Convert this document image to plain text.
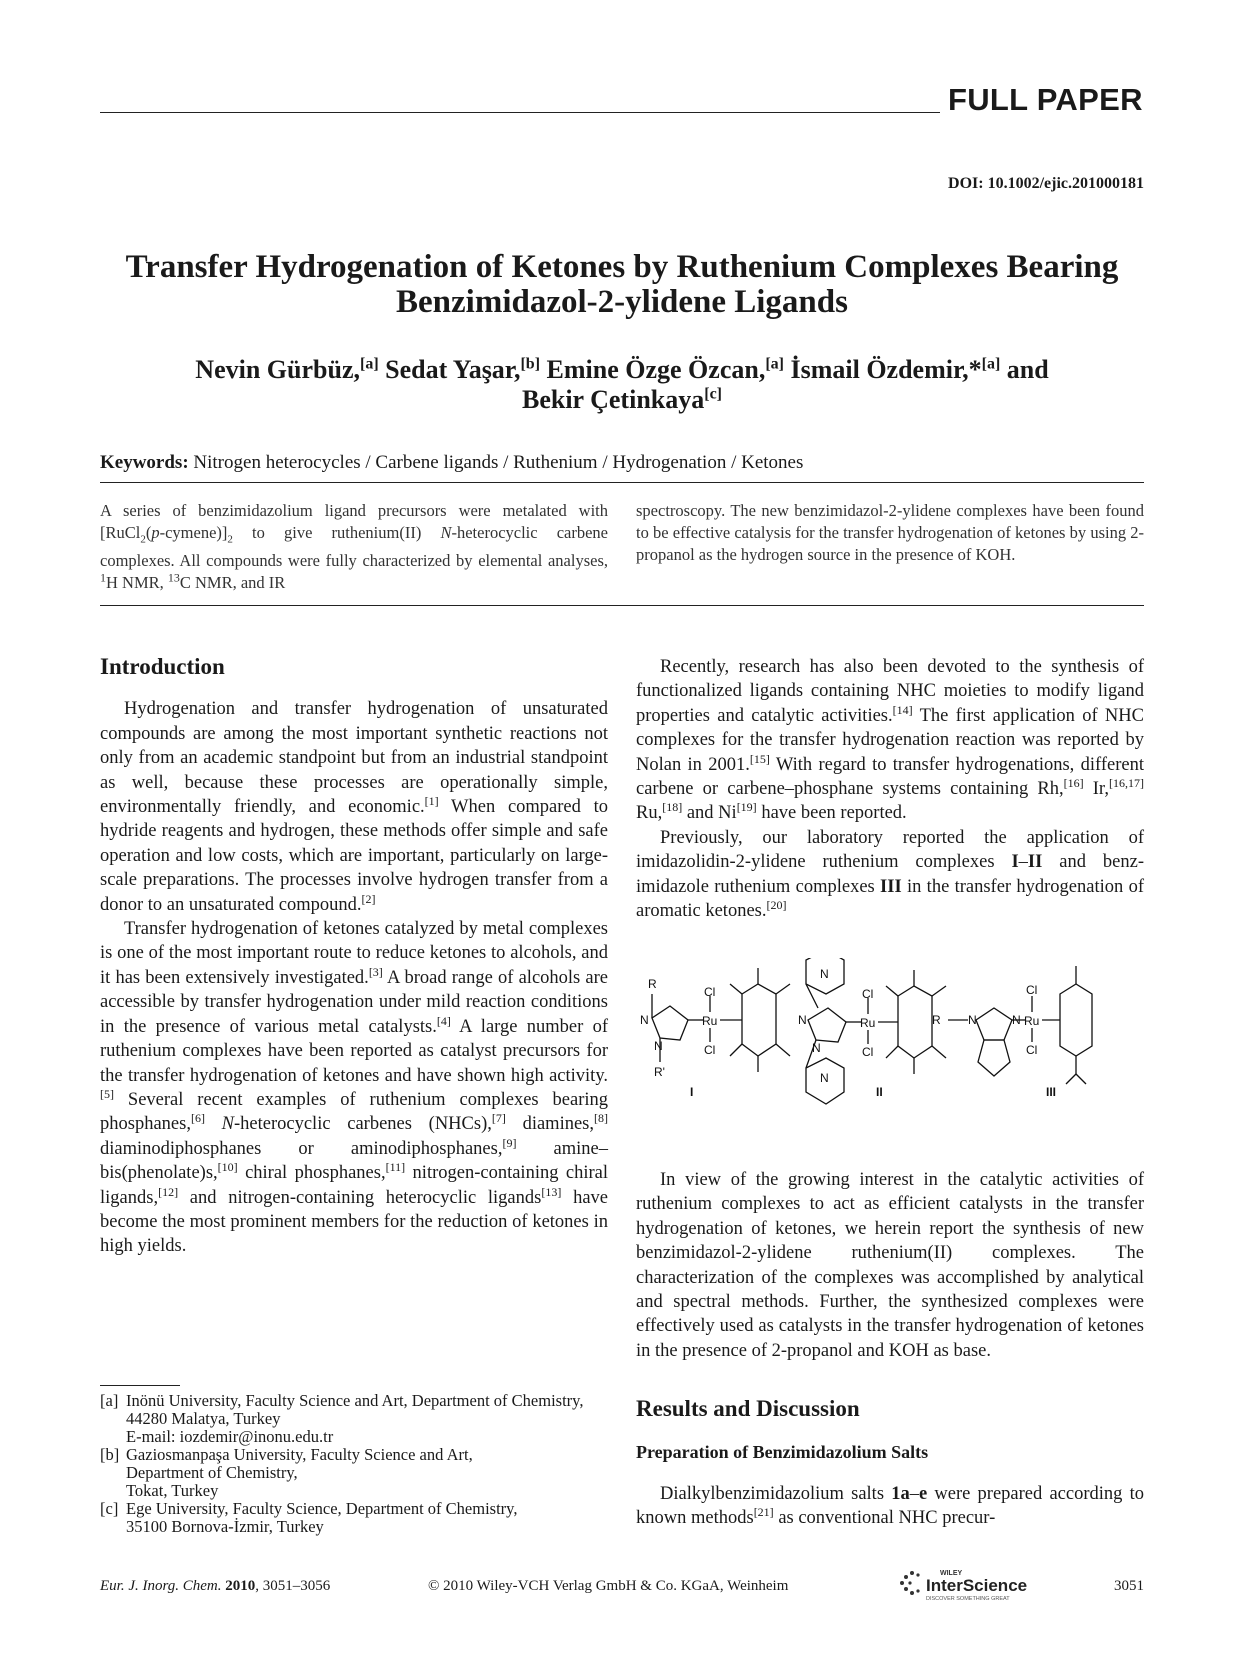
FULL PAPER
DOI: 10.1002/ejic.201000181
Transfer Hydrogenation of Ketones by Ruthenium Complexes Bearing
Benzimidazol-2-ylidene Ligands
Nevin Gürbüz,[a] Sedat Yaşar,[b] Emine Özge Özcan,[a] İsmail Özdemir,*[a] and
Bekir Çetinkaya[c]
Keywords: Nitrogen heterocycles / Carbene ligands / Ruthenium / Hydrogenation / Ketones
A series of benzimidazolium ligand precursors were metalated with $[RuCl_2(p-cymene)]_2$ to give ruthenium(II) N-heterocyclic carbene complexes. All compounds were fully characterized by elemental analyses, $^1$H NMR, $^{13}$C NMR, and IR
spectroscopy. The new benzimidazol-2-ylidene complexes have been found to be effective catalysis for the transfer hydrogenation of ketones by using 2-propanol as the hydrogen source in the presence of KOH.
Introduction

Hydrogenation and transfer hydrogenation of unsaturated compounds are among the most important synthetic reactions not only from an academic standpoint but from an industrial standpoint as well, because these processes are operationally simple, environmentally friendly, and economic.[1] When compared to hydride reagents and hydrogen, these methods offer simple and safe operation and low costs, which are important, particularly on large-scale preparations. The processes involve hydrogen transfer from a donor to an unsaturated compound.[2]

Transfer hydrogenation of ketones catalyzed by metal complexes is one of the most important route to reduce ketones to alcohols, and it has been extensively investigated.[3] A broad range of alcohols are accessible by transfer hydrogenation under mild reaction conditions in the presence of various metal catalysts.[4] A large number of ruthenium complexes have been reported as catalyst precursors for the transfer hydrogenation of ketones and have shown high activity.[5] Several recent examples of ruthenium complexes bearing phosphanes,[6] N-heterocyclic carbenes (NHCs),[7] diamines,[8] diaminodiphosphanes or aminodiphosphanes,[9] amine–bis(phenolate)s,[10] chiral phosphanes,[11] nitrogen-containing chiral ligands,[12] and nitrogen-containing heterocyclic ligands[13] have become the most prominent members for the reduction of ketones in high yields.

Recently, research has also been devoted to the synthesis of functionalized ligands containing NHC moieties to modify ligand properties and catalytic activities.[14] The first application of NHC complexes for the transfer hydrogenation reaction was reported by Nolan in 2001.[15] With regard to transfer hydrogenations, different carbene or carbene–phosphane systems containing Rh,[16] Ir,[16,17] Ru,[18] and Ni[19] have been reported.

Previously, our laboratory reported the application of imidazolidin-2-ylidene ruthenium complexes I–II and benzimidazole ruthenium complexes III in the transfer hydrogenation of aromatic ketones.[20]

R
R'
N
N
Cl
Cl
Ru
I
N
N
N
N
Cl
Cl
Ru
II
R N	N
Cl
Cl
Ru
III

In view of the growing interest in the catalytic activities of ruthenium complexes to act as efficient catalysts in the transfer hydrogenation of ketones, we herein report the synthesis of new benzimidazol-2-ylidene ruthenium(II) complexes. The characterization of the complexes was accomplished by analytical and spectral methods. Further, the synthesized complexes were effectively used as catalysts in the transfer hydrogenation of ketones in the presence of 2-propanol and KOH as base.

Results and Discussion
Preparation of Benzimidazolium Salts

Dialkylbenzimidazolium salts 1a–e were prepared according to known methods[21] as conventional NHC precur-

[a] Inönü University, Faculty Science and Art, Department of Chemistry,
44280 Malatya, Turkey
E-mail: iozdemir@inonu.edu.tr
[b] Gaziosmanpaşa University, Faculty Science and Art,
Department of Chemistry,
Tokat, Turkey
[c] Ege University, Faculty Science, Department of Chemistry,
35100 Bornova-İzmir, Turkey
Eur. J. Inorg. Chem. 2010, 3051–3056	© 2010 Wiley-VCH Verlag GmbH & Co. KGaA, Weinheim
WILEY
InterScience
DISCOVER SOMETHING GREAT
3051
